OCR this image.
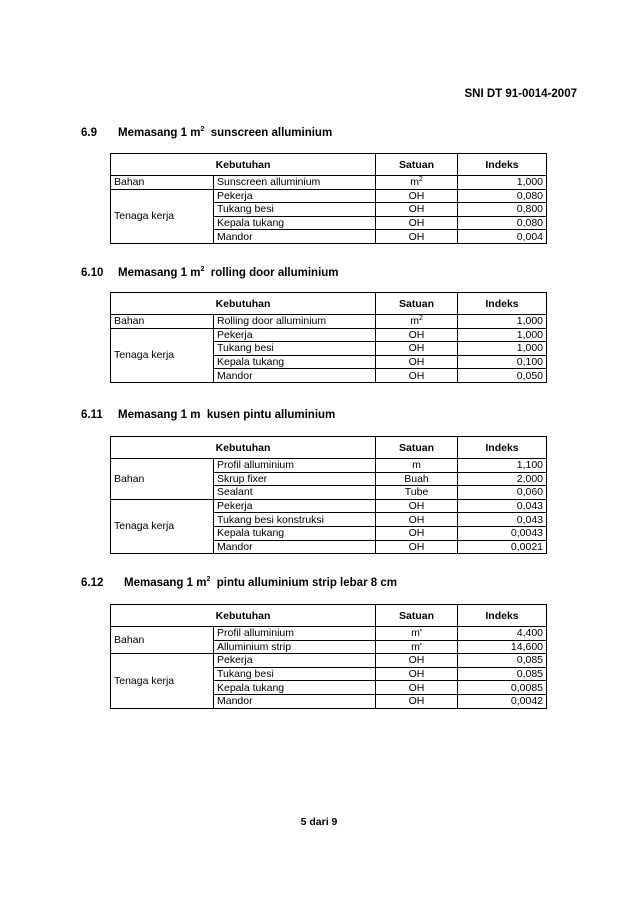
SNI DT 91-0014-2007
6.9 Memasang 1 $m^2$ sunscreen alluminium
Kebutuhan		Satuan	Indeks
Bahan	Sunscreen alluminium	$m^2$	1,000
Tenaga kerja	Pekerja	OH	0,080
	Tukang besi	OH	0,800
	Kepala tukang	OH	0,080
	Mandor	OH	0,004
6.10 Memasang 1 $m^2$ rolling door alluminium
Kebutuhan		Satuan	Indeks
Bahan	Rolling door alluminium	$m^2$	1,000
Tenaga kerja	Pekerja	OH	1,000
	Tukang besi	OH	1,000
	Kepala tukang	OH	0,100
	Mandor	OH	0,050
6.11 Memasang 1 m kusen pintu alluminium
Kebutuhan		Satuan	Indeks
Bahan	Profil alluminium	m	1,100
	Skrup fixer	Buah	2,000
	Sealant	Tube	0,060
Tenaga kerja	Pekerja	OH	0,043
	Tukang besi konstruksi	OH	0,043
	Kepala tukang	OH	0,0043
	Mandor	OH	0,0021
6.12 Memasang 1 $m^2$ pintu alluminium strip lebar 8 cm
Kebutuhan		Satuan	Indeks
Bahan	Profil alluminium	m'	4,400
	Alluminium strip	m'	14,600
Tenaga kerja	Pekerja	OH	0,085
	Tukang besi	OH	0,085
	Kepala tukang	OH	0,0085
	Mandor	OH	0,0042
5 dari 9
